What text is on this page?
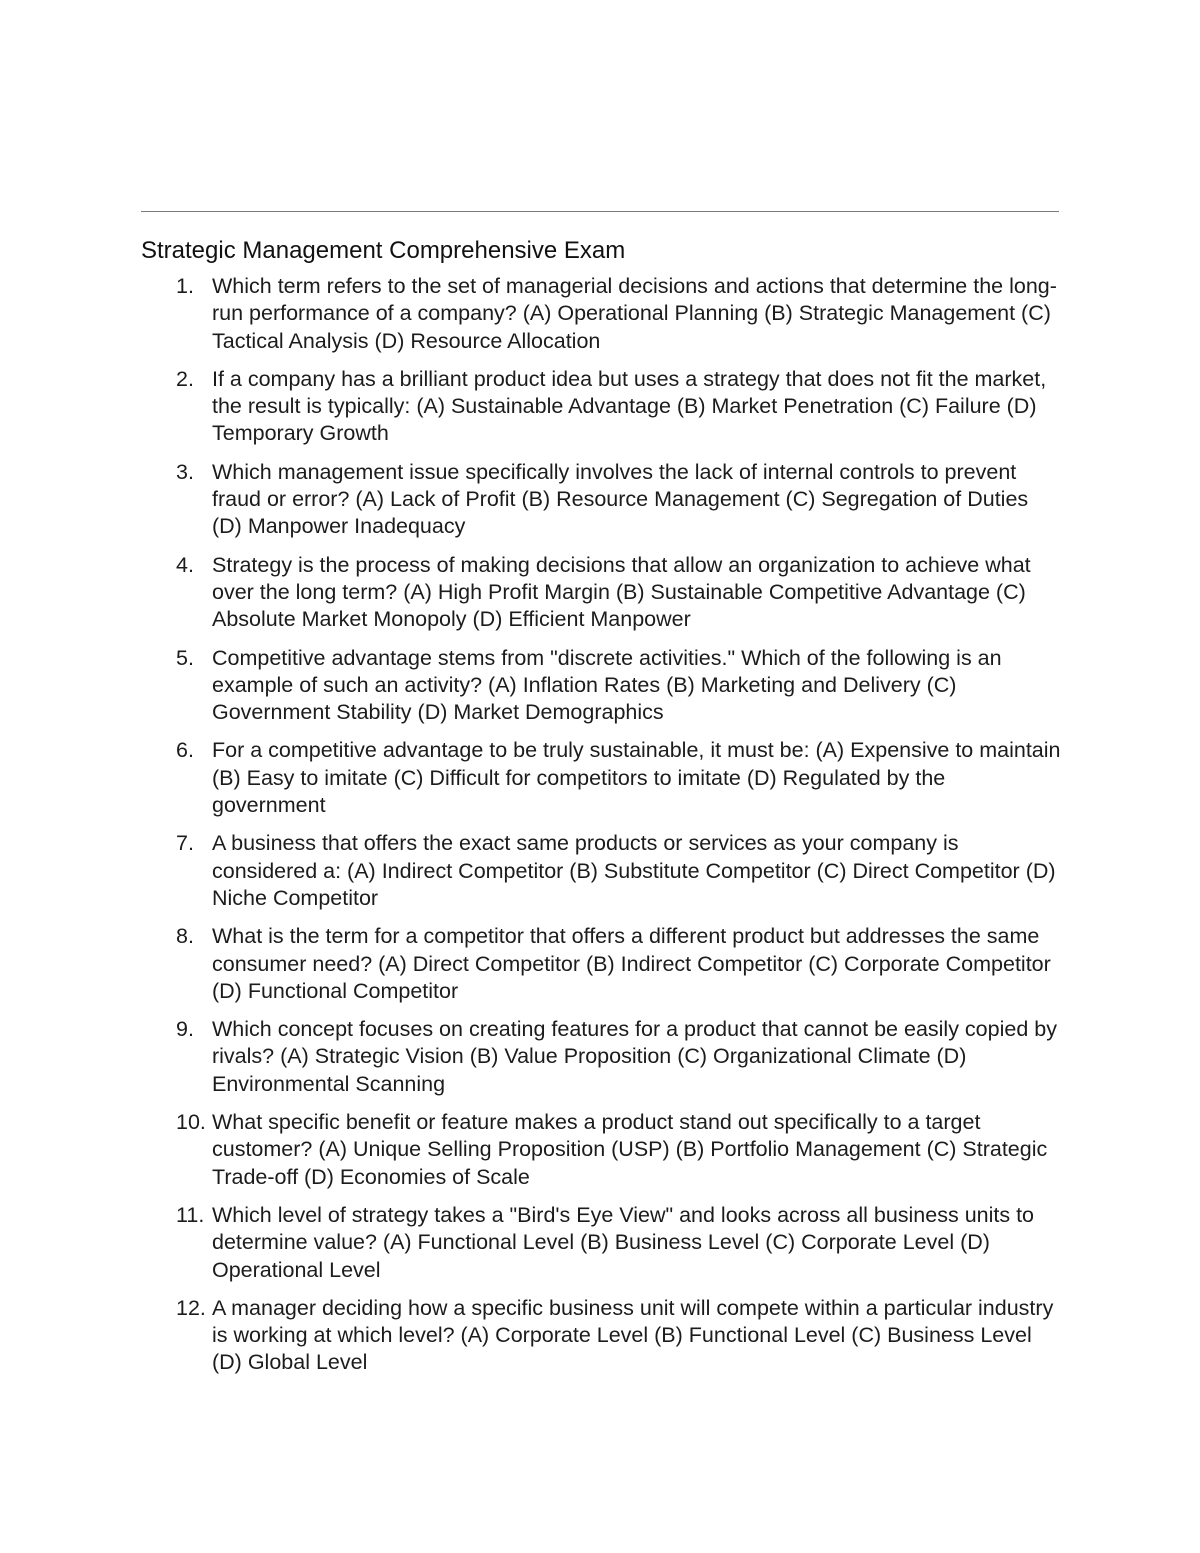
Strategic Management Comprehensive Exam
1. Which term refers to the set of managerial decisions and actions that determine the long-run performance of a company? (A) Operational Planning (B) Strategic Management (C) Tactical Analysis (D) Resource Allocation
2. If a company has a brilliant product idea but uses a strategy that does not fit the market, the result is typically: (A) Sustainable Advantage (B) Market Penetration (C) Failure (D) Temporary Growth
3. Which management issue specifically involves the lack of internal controls to prevent fraud or error? (A) Lack of Profit (B) Resource Management (C) Segregation of Duties (D) Manpower Inadequacy
4. Strategy is the process of making decisions that allow an organization to achieve what over the long term? (A) High Profit Margin (B) Sustainable Competitive Advantage (C) Absolute Market Monopoly (D) Efficient Manpower
5. Competitive advantage stems from "discrete activities." Which of the following is an example of such an activity? (A) Inflation Rates (B) Marketing and Delivery (C) Government Stability (D) Market Demographics
6. For a competitive advantage to be truly sustainable, it must be: (A) Expensive to maintain (B) Easy to imitate (C) Difficult for competitors to imitate (D) Regulated by the government
7. A business that offers the exact same products or services as your company is considered a: (A) Indirect Competitor (B) Substitute Competitor (C) Direct Competitor (D) Niche Competitor
8. What is the term for a competitor that offers a different product but addresses the same consumer need? (A) Direct Competitor (B) Indirect Competitor (C) Corporate Competitor (D) Functional Competitor
9. Which concept focuses on creating features for a product that cannot be easily copied by rivals? (A) Strategic Vision (B) Value Proposition (C) Organizational Climate (D) Environmental Scanning
10. What specific benefit or feature makes a product stand out specifically to a target customer? (A) Unique Selling Proposition (USP) (B) Portfolio Management (C) Strategic Trade-off (D) Economies of Scale
11. Which level of strategy takes a "Bird's Eye View" and looks across all business units to determine value? (A) Functional Level (B) Business Level (C) Corporate Level (D) Operational Level
12. A manager deciding how a specific business unit will compete within a particular industry is working at which level? (A) Corporate Level (B) Functional Level (C) Business Level (D) Global Level
